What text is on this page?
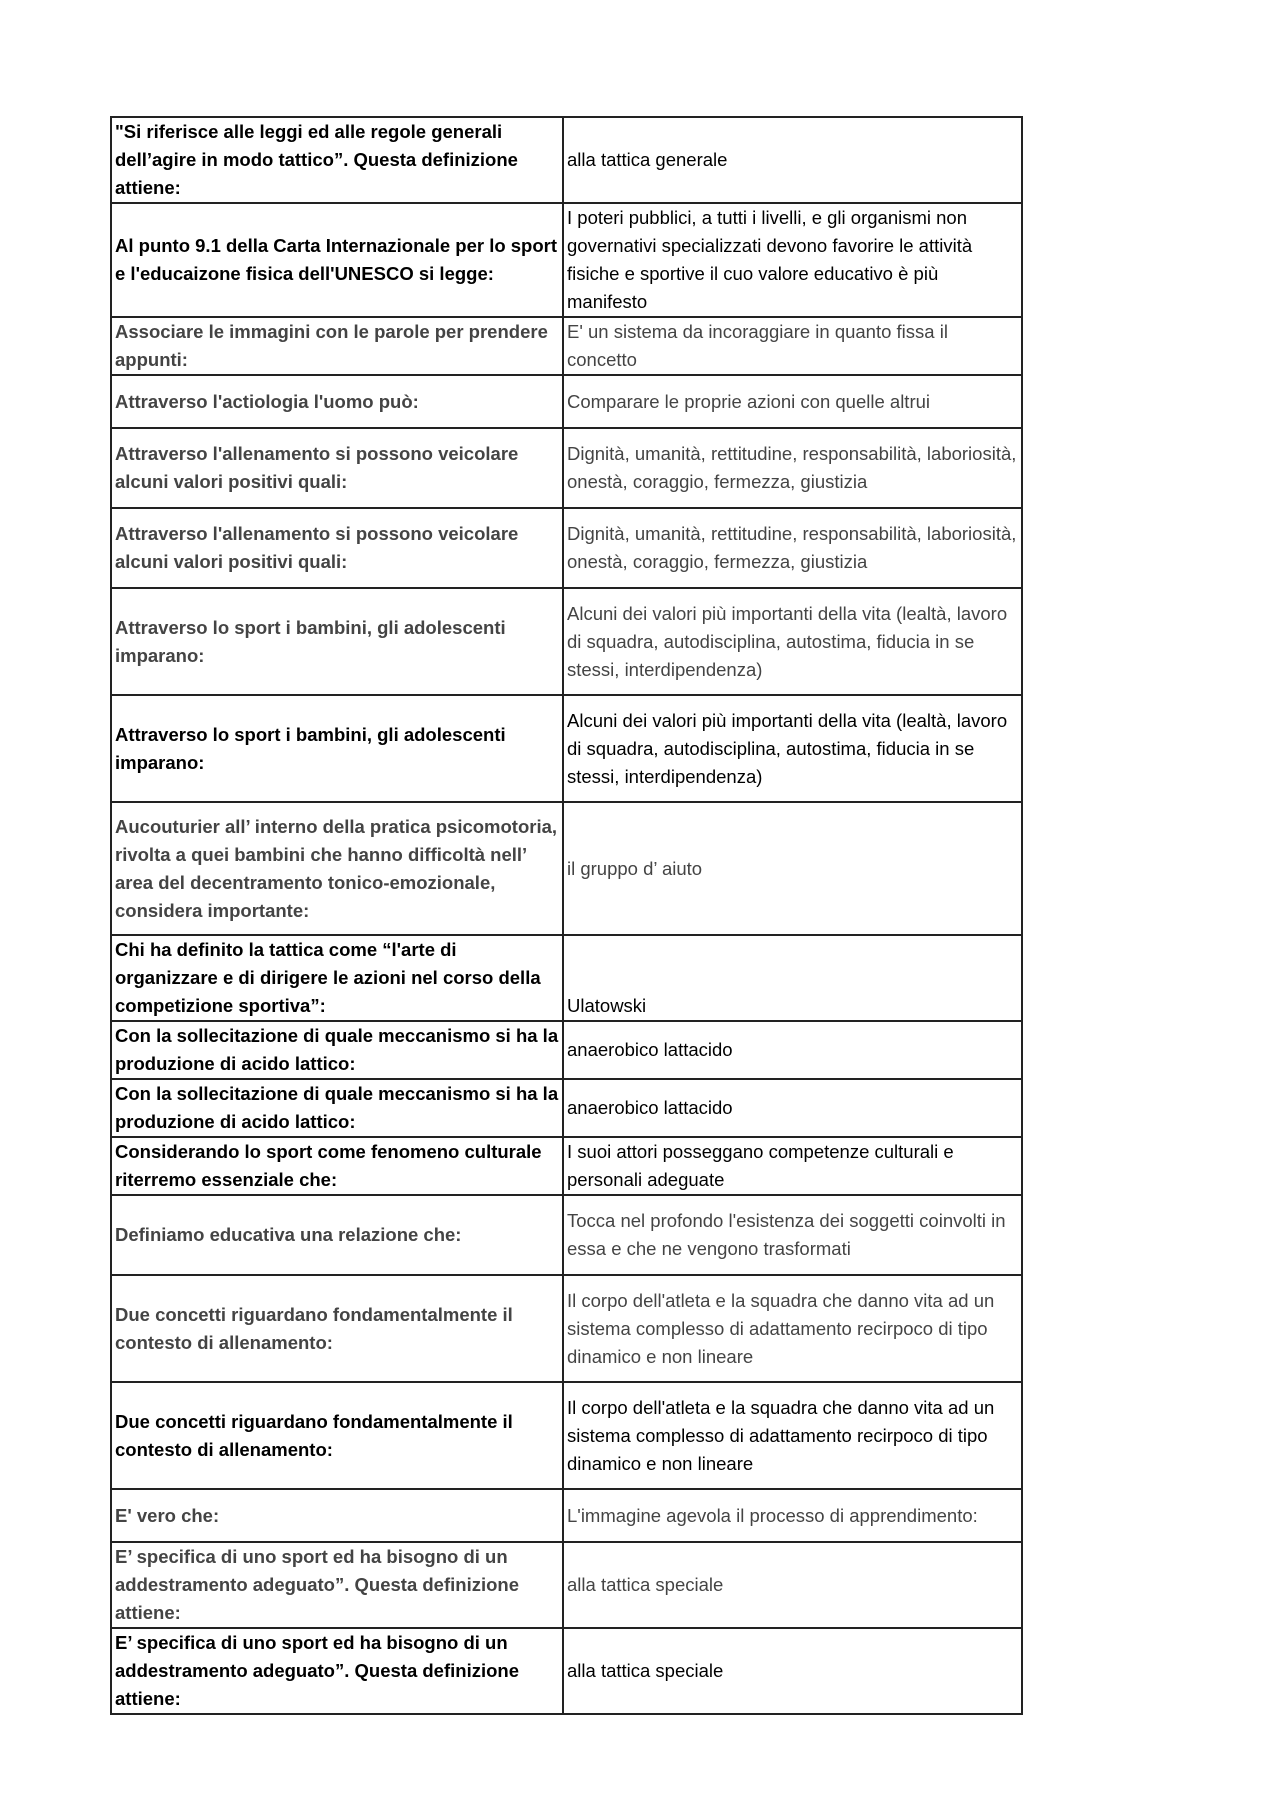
"Si riferisce alle leggi ed alle regole generali dell’agire in modo tattico”. Questa definizione attiene:	alla tattica generale
Al punto 9.1 della Carta Internazionale per lo sport e l'educaizone fisica dell'UNESCO si legge:	I poteri pubblici, a tutti i livelli, e gli organismi non governativi specializzati devono favorire le attività fisiche e sportive il cuo valore educativo è più manifesto
Associare le immagini con le parole per prendere appunti:	E' un sistema da incoraggiare in quanto fissa il concetto
Attraverso l'actiologia l'uomo può:	Comparare le proprie azioni con quelle altrui
Attraverso l'allenamento si possono veicolare alcuni valori positivi quali:	Dignità, umanità, rettitudine, responsabilità, laboriosità, onestà, coraggio, fermezza, giustizia
Attraverso l'allenamento si possono veicolare alcuni valori positivi quali:	Dignità, umanità, rettitudine, responsabilità, laboriosità, onestà, coraggio, fermezza, giustizia
Attraverso lo sport i bambini, gli adolescenti imparano:	Alcuni dei valori più importanti della vita (lealtà, lavoro di squadra, autodisciplina, autostima, fiducia in se stessi, interdipendenza)
Attraverso lo sport i bambini, gli adolescenti imparano:	Alcuni dei valori più importanti della vita (lealtà, lavoro di squadra, autodisciplina, autostima, fiducia in se stessi, interdipendenza)
Aucouturier all’ interno della pratica psicomotoria, rivolta a quei bambini che hanno difficoltà nell’ area del decentramento tonico-emozionale, considera importante:	il gruppo d’ aiuto
Chi ha definito la tattica come “l'arte di organizzare e di dirigere le azioni nel corso della competizione sportiva”:	Ulatowski
Con la sollecitazione di quale meccanismo si ha la produzione di acido lattico:	anaerobico lattacido
Con la sollecitazione di quale meccanismo si ha la produzione di acido lattico:	anaerobico lattacido
Considerando lo sport come fenomeno culturale riterremo essenziale che:	I suoi attori posseggano competenze culturali e personali adeguate
Definiamo educativa una relazione che:	Tocca nel profondo l'esistenza dei soggetti coinvolti in essa e che ne vengono trasformati
Due concetti riguardano fondamentalmente il contesto di allenamento:	Il corpo dell'atleta e la squadra che danno vita ad un sistema complesso di adattamento recirpoco di tipo dinamico e non lineare
Due concetti riguardano fondamentalmente il contesto di allenamento:	Il corpo dell'atleta e la squadra che danno vita ad un sistema complesso di adattamento recirpoco di tipo dinamico e non lineare
E' vero che:	L'immagine agevola il processo di apprendimento:
E’ specifica di uno sport ed ha bisogno di un addestramento adeguato”. Questa definizione attiene:	alla tattica speciale
E’ specifica di uno sport ed ha bisogno di un addestramento adeguato”. Questa definizione attiene:	alla tattica speciale
